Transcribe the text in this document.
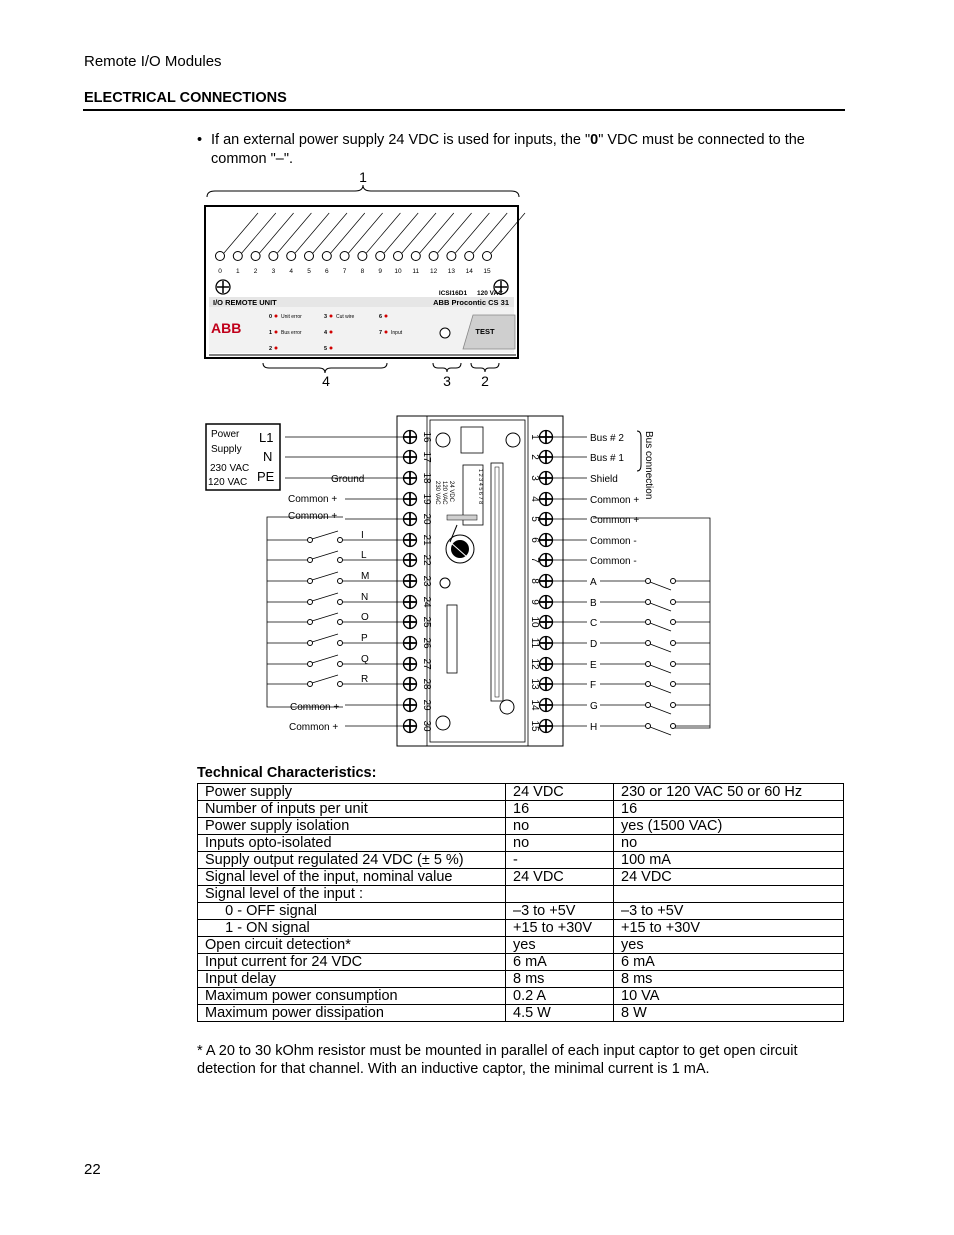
Remote I/O Modules
ELECTRICAL CONNECTIONS
• If an external power supply 24 VDC is used for inputs, the "0" VDC must be connected to the common "–".
1
0 1 2 3 4 5 6 7 8 9 10 11 12 13 14 15
ICSI16D1 120 VAC
I/O REMOTE UNIT	ABB Procontic CS 31
ABB
0 Unit error
1 Bus error
2
3 Cut wire
4
5
6
7 Input	TEST
4	3 2
Power
Supply
230 VAC
120 VAC
L1
N
PE	1 2 3 4 5 6 7 8
24 VDC
120 VAC
230 VAC	Bus connection
Ground
16
17
18
19
20
21
22
23
24
25
26
27
28
29
30
Common +
Common +
Common +
Common +
I
L
M
N
O
P
Q
R
1	Bus # 2
2	Bus # 1
3	Shield
4	Common +
5	Common +
6	Common -
7	Common -
8	A
9	B
10	C
11	D
12	E
13	F
14	G
15	H
Technical Characteristics:
Power supply	24 VDC	230 or 120 VAC 50 or 60 Hz
Number of inputs per unit	16	16
Power supply isolation	no	yes (1500 VAC)
Inputs opto-isolated	no	no
Supply output regulated 24 VDC (± 5 %)	-	100 mA
Signal level of the input, nominal value	24 VDC	24 VDC
Signal level of the input :		
0 - OFF signal	–3 to +5V	–3 to +5V
1 - ON signal	+15 to +30V	+15 to +30V
Open circuit detection*	yes	yes
Input current for 24 VDC	6 mA	6 mA
Input delay	8 ms	8 ms
Maximum power consumption	0.2 A	10 VA
Maximum power dissipation	4.5 W	8 W
* A 20 to 30 kOhm resistor must be mounted in parallel of each input captor to get open circuit detection for that channel. With an inductive captor, the minimal current is 1 mA.
22
